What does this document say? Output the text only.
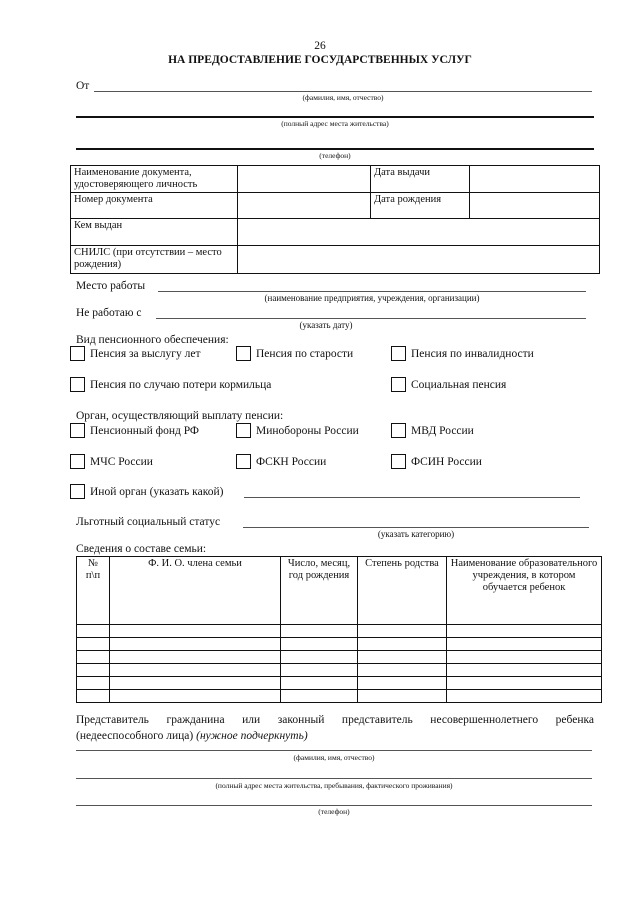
26
НА ПРЕДОСТАВЛЕНИЕ ГОСУДАРСТВЕННЫХ УСЛУГ
От
(фамилия, имя, отчество)
(полный адрес места жительства)
(телефон)
Наименование документа, удостоверяющего личность		Дата выдачи	
Номер документа		Дата рождения	
Кем выдан			
СНИЛС (при отсутствии – место рождения)			
Место работы
(наименование предприятия, учреждения, организации)
Не работаю с
(указать дату)
Вид пенсионного обеспечения:
Пенсия за выслугу лет	Пенсия по старости	Пенсия по инвалидности
Пенсия по случаю потери кормильца	Социальная пенсия
Орган, осуществляющий выплату пенсии:
Пенсионный фонд РФ	Минобороны России	МВД России
МЧС России	ФСКН России	ФСИН России
Иной орган (указать какой)
Льготный социальный статус
(указать категорию)
Сведения о составе семьи:
№ п\п	Ф. И. О. члена семьи	Число, месяц, год рождения	Степень родства	Наименование образовательного учреждения, в котором обучается ребенок

Представитель гражданина или законный представитель несовершеннолетнего ребенка (недееспособного лица) (нужное подчеркнуть)
(фамилия, имя, отчество)
(полный адрес места жительства, пребывания, фактического проживания)
(телефон)
